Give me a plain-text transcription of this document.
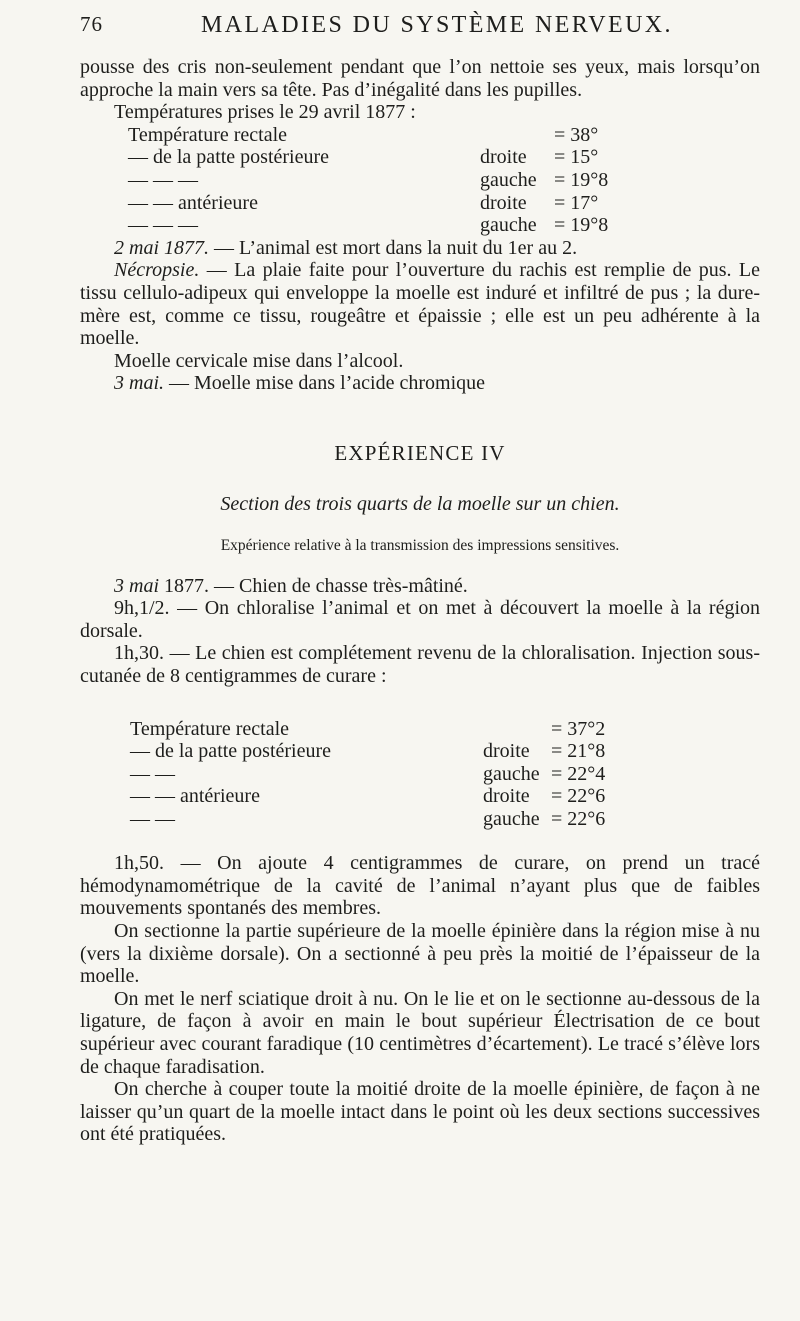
76	MALADIES DU SYSTÈME NERVEUX.

pousse des cris non-seulement pendant que l’on nettoie ses yeux, mais lorsqu’on approche la main vers sa tête. Pas d’inégalité dans les pupilles.

Températures prises le 29 avril 1877 :

Température rectale	= 38°
— de la patte postérieure	droite = 15°
— — —	gauche = 19°8
— — antérieure	droite = 17°
— — —	gauche = 19°8

2 mai 1877. — L’animal est mort dans la nuit du 1er au 2.

Nécropsie. — La plaie faite pour l’ouverture du rachis est remplie de pus. Le tissu cellulo-adipeux qui enveloppe la moelle est induré et infiltré de pus ; la dure-mère est, comme ce tissu, rougeâtre et épaissie ; elle est un peu adhérente à la moelle.

Moelle cervicale mise dans l’alcool.

3 mai. — Moelle mise dans l’acide chromique

EXPÉRIENCE IV
Section des trois quarts de la moelle sur un chien.
Expérience relative à la transmission des impressions sensitives.

3 mai 1877. — Chien de chasse très-mâtiné.

9h,1/2. — On chloralise l’animal et on met à découvert la moelle à la région dorsale.

1h,30. — Le chien est complétement revenu de la chloralisation. Injection sous-cutanée de 8 centigrammes de curare :

Température rectale	= 37°2
— de la patte postérieure	droite = 21°8
— —	gauche = 22°4
— — antérieure	droite = 22°6
— —	gauche = 22°6

1h,50. — On ajoute 4 centigrammes de curare, on prend un tracé hémodynamométrique de la cavité de l’animal n’ayant plus que de faibles mouvements spontanés des membres.

On sectionne la partie supérieure de la moelle épinière dans la région mise à nu (vers la dixième dorsale). On a sectionné à peu près la moitié de l’épaisseur de la moelle.

On met le nerf sciatique droit à nu. On le lie et on le sectionne au-dessous de la ligature, de façon à avoir en main le bout supérieur Électrisation de ce bout supérieur avec courant faradique (10 centimètres d’écartement). Le tracé s’élève lors de chaque faradisation.

On cherche à couper toute la moitié droite de la moelle épinière, de façon à ne laisser qu’un quart de la moelle intact dans le point où les deux sections successives ont été pratiquées.
